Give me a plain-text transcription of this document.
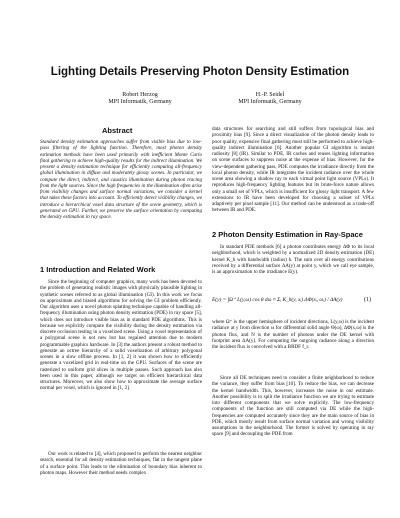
Lighting Details Preserving Photon Density Estimation
Robert Herzog
MPI Informatik, Germany
H.-P. Seidel
MPI Informatik, Germany
Abstract
Standard density estimation approaches suffer from visible bias due to low-pass filtering of the lighting function. Therefore, most photon density estimation methods have been used primarily with inefficient Monte Carlo final gathering to achieve high-quality results for the indirect illumination. We present a density estimation technique for efficiently computing all-frequency global illumination in diffuse and moderately glossy scenes. In particular, we compute the direct, indirect, and caustics illumination during photon tracing from the light sources. Since the high frequencies in the illumination often arise from visibility changes and surface normal variations, we consider a kernel that takes these factors into account. To efficiently detect visibility changes, we introduce a hierarchical voxel data structure of the scene geometry, which is generated on GPU. Further, we preserve the surface orientation by computing the density estimation in ray space.
1 Introduction and Related Work
Since the beginning of computer graphics, many work has been devoted to the problem of generating realistic images with physically plausible lighting in synthetic scenes referred to as global illumination (GI). In this work we focus on approximate and biased algorithms for solving the GI problem efficiently. Our algorithm uses a novel photon splatting technique capable of handling all-frequency illumination using photon density estimation (PDE) in ray space [5], which does not introduce visible bias as in standard PDE algorithms. This is because we explicitly compute the visibility during the density estimation via discrete occlusion testing in a voxelized scene. Using a voxel representation of a polygonal scene is not new but has regained attention due to modern programmable graphics hardware. In [3] the authors present a robust method to generate an octree hierarchy of a solid voxelization of arbitrary polygonal scenes in a slow offline process. In [1, 2] it was shown how to efficiently generate a voxelized grid in real-time on the GPU. Surfaces of the scene are rasterized to uniform grid slices in multiple passes. Such approach has also been used in this paper, although we target on efficient hierarchical data structures. Moreover, we also show how to approximate the average surface normal per voxel, which is ignored in [1, 2].
Our work is related to [4], which proposed to perform the nearest neighbor search, essential for all density estimation techniques, flat in the tangent plane of a surface point. This leads to the elimination of boundary bias inherent to photon maps. However their method needs complex
data structures for searching and still suffers from topological bias and proximity bias [9]. Since a direct visualization of the photon density leads to poor quality, expensive final gathering must still be performed to achieve high-quality indirect illumination [6]. Another popular GI algorithm is instant radiosity [8] (IR). Similar to PDE, IR caches and reuses lighting information on scene surfaces to suppress noise at the expense of bias. However, for the view-dependent gathering pass, PDE computes the irradiance directly from the local photon density, while IR integrates the incident radiance over the whole scene area showing a shadow ray to each virtual point light source (VPLs). It reproduces high-frequency lighting features but its brute-force nature allows only a small set of VPLs, which is insufficient for glossy light transport. A few extensions to IR have been developed for choosing a subset of VPLs adaptively per pixel sample [11]. Our method can be understood as a trade-off between IR and PDE.
2 Photon Density Estimation in Ray-Space
In standard PDE methods [6] a photon contributes energy ΔΦ to its local neighborhood, which is weighted by a normalized 2D density estimation (DE) kernel K_h with bandwidth (radius) h. The sum over all energy contributions received by a differential surface ΔA(y) at point y, which we call eye sample, is an approximation to the irradiance E(y).
E(y) = ∫Ω⁺ L(y,ω) cos θ dω ≈ Σᵢ K_h(y, xᵢ) ΔΦ(xᵢ, ωᵢ) / ΔA(y)	(1)
where Ω⁺ is the upper hemisphere of incident directions, L(y,ω) is the incident radiance at y from direction ω for differential solid angle Θ(ω), ΔΦ(x,ω) is the photon flux, and N is the number of photons under the DE kernel with footprint area ΔA(y). For computing the outgoing radiance along a direction the incident flux is convolved with a BRDF f_r.
Since all DE techniques need to consider a finite neighborhood to reduce the variance, they suffer from bias [10]. To reduce the bias, we can decrease the kernel bandwidth. This, however, increases the noise in our estimate. Another possibility is to split the irradiance function we are trying to estimate into different components that we solve explicitly. The low-frequency components of the function are still computed via DE while the high-frequencies are computed accurately since they are the main source of bias in PDE, which mostly result from surface normal variation and wrong visibility assumptions in the neighborhood. The former is solved by operating in ray space [9] and decoupling the PDE from
